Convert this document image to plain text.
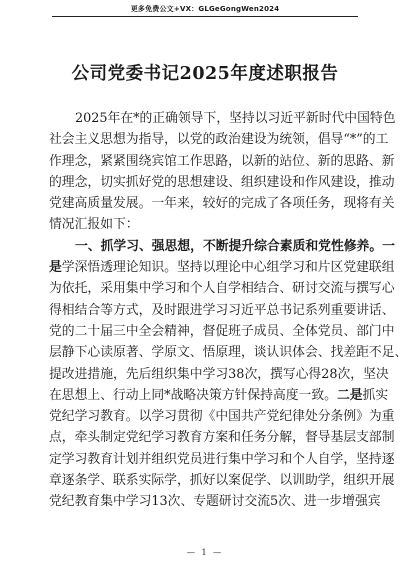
更多免费公文+VX：GLGeGongWen2024
公司党委书记2025年度述职报告
2025年在*的正确领导下，坚持以习近平新时代中国特色
社会主义思想为指导，以党的政治建设为统领，倡导“*”的工
作理念，紧紧围绕宾馆工作思路，以新的站位、新的思路、新
的理念，切实抓好党的思想建设、组织建设和作风建设，推动
党建高质量发展。一年来，较好的完成了各项任务，现将有关
情况汇报如下：
一、抓学习、强思想，不断提升综合素质和党性修养。一
是学深悟透理论知识。坚持以理论中心组学习和片区党建联组
为依托，采用集中学习和个人自学相结合、研讨交流与撰写心
得相结合等方式，及时跟进学习习近平总书记系列重要讲话、
党的二十届三中全会精神，督促班子成员、全体党员、部门中
层静下心读原著、学原文、悟原理，谈认识体会、找差距不足、
提改进措施，先后组织集中学习38次，撰写心得28次，坚决
在思想上、行动上同*战略决策方针保持高度一致。二是抓实
党纪学习教育。以学习贯彻《中国共产党纪律处分条例》为重
点，牵头制定党纪学习教育方案和任务分解，督导基层支部制
定学习教育计划并组织党员进行集中学习和个人自学，坚持逐
章逐条学、联系实际学，抓好以案促学、以训助学，组织开展
党纪教育集中学习13次、专题研讨交流5次、进一步增强宾
— 1 —
